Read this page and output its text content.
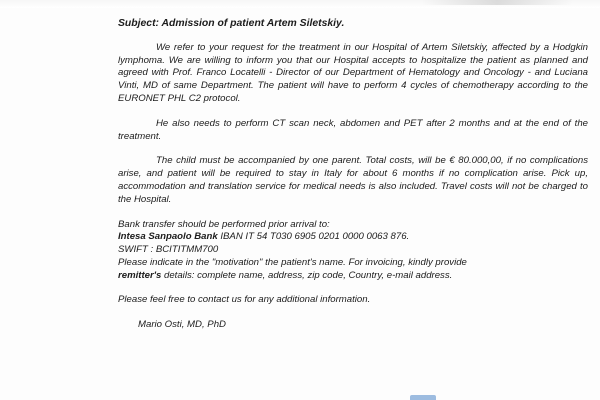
Subject: Admission of patient Artem Siletskiy.

We refer to your request for the treatment in our Hospital of Artem Siletskiy, affected by a Hodgkin lymphoma. We are willing to inform you that our Hospital accepts to hospitalize the patient as planned and agreed with Prof. Franco Locatelli - Director of our Department of Hematology and Oncology - and Luciana Vinti, MD of same Department. The patient will have to perform 4 cycles of chemotherapy according to the EURONET PHL C2 protocol.

He also needs to perform CT scan neck, abdomen and PET after 2 months and at the end of the treatment.

The child must be accompanied by one parent. Total costs, will be € 80.000,00, if no complications arise, and patient will be required to stay in Italy for about 6 months if no complication arise. Pick up, accommodation and translation service for medical needs is also included. Travel costs will not be charged to the Hospital.

Bank transfer should be performed prior arrival to:
Intesa Sanpaolo Bank IBAN IT 54 T030 6905 0201 0000 0063 876.
SWIFT : BCITITMM700
Please indicate in the "motivation" the patient's name. For invoicing, kindly provide
remitter's details: complete name, address, zip code, Country, e-mail address.
Please feel free to contact us for any additional information.
Mario Osti, MD, PhD
